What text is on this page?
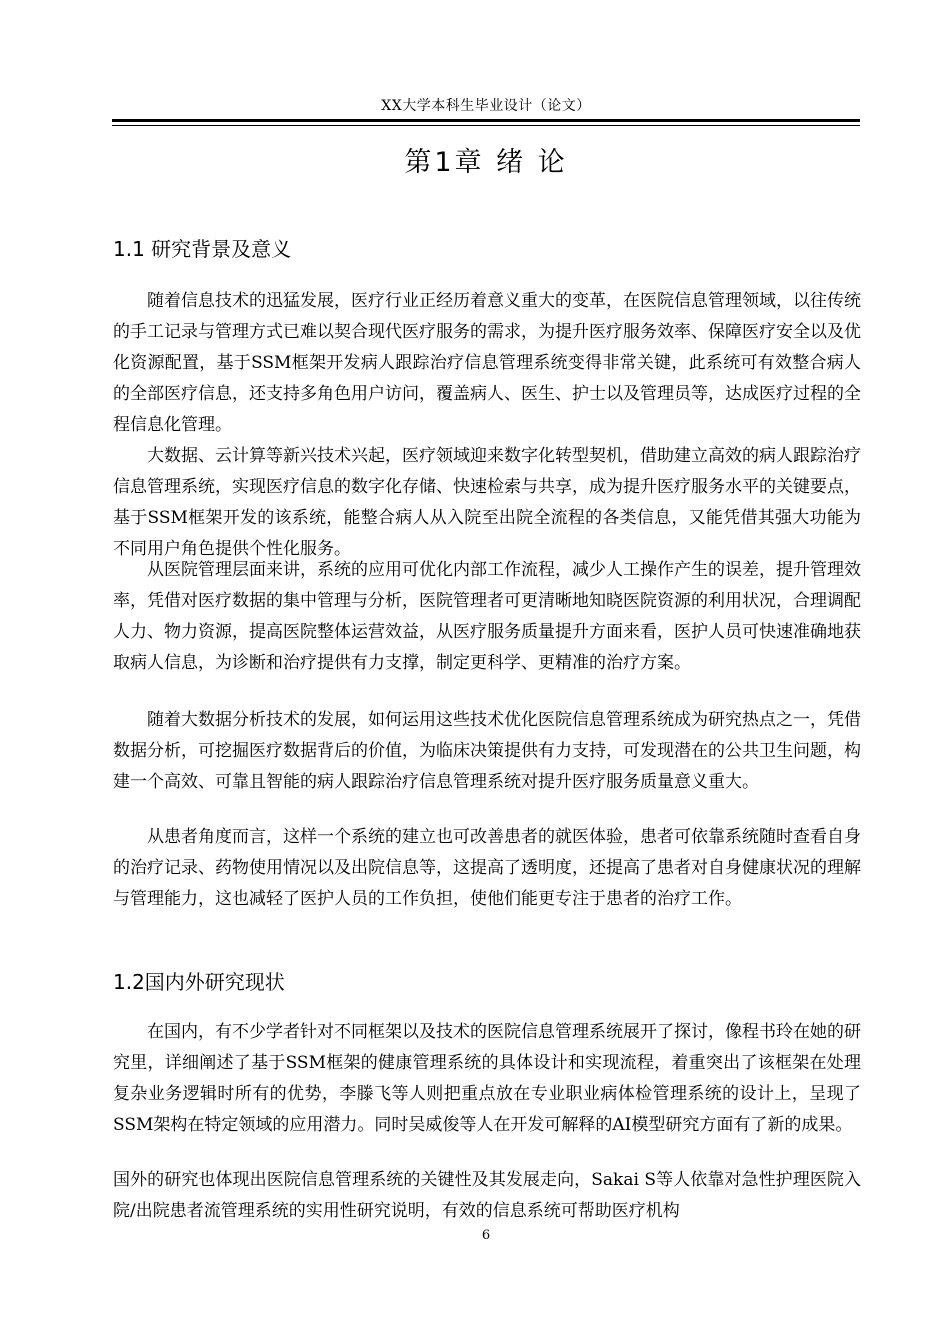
XX大学本科生毕业设计（论文）
第1章 绪 论
1.1 研究背景及意义

随着信息技术的迅猛发展，医疗行业正经历着意义重大的变革，在医院信息管理领域，以往传统的手工记录与管理方式已难以契合现代医疗服务的需求，为提升医疗服务效率、保障医疗安全以及优化资源配置，基于SSM框架开发病人跟踪治疗信息管理系统变得非常关键，此系统可有效整合病人的全部医疗信息，还支持多角色用户访问，覆盖病人、医生、护士以及管理员等，达成医疗过程的全程信息化管理。

大数据、云计算等新兴技术兴起，医疗领域迎来数字化转型契机，借助建立高效的病人跟踪治疗信息管理系统，实现医疗信息的数字化存储、快速检索与共享，成为提升医疗服务水平的关键要点，基于SSM框架开发的该系统，能整合病人从入院至出院全流程的各类信息，又能凭借其强大功能为不同用户角色提供个性化服务。

从医院管理层面来讲，系统的应用可优化内部工作流程，减少人工操作产生的误差，提升管理效率，凭借对医疗数据的集中管理与分析，医院管理者可更清晰地知晓医院资源的利用状况，合理调配人力、物力资源，提高医院整体运营效益，从医疗服务质量提升方面来看，医护人员可快速准确地获取病人信息，为诊断和治疗提供有力支撑，制定更科学、更精准的治疗方案。

随着大数据分析技术的发展，如何运用这些技术优化医院信息管理系统成为研究热点之一，凭借数据分析，可挖掘医疗数据背后的价值，为临床决策提供有力支持，可发现潜在的公共卫生问题，构建一个高效、可靠且智能的病人跟踪治疗信息管理系统对提升医疗服务质量意义重大。

从患者角度而言，这样一个系统的建立也可改善患者的就医体验，患者可依靠系统随时查看自身的治疗记录、药物使用情况以及出院信息等，这提高了透明度，还提高了患者对自身健康状况的理解与管理能力，这也减轻了医护人员的工作负担，使他们能更专注于患者的治疗工作。

1.2国内外研究现状

在国内，有不少学者针对不同框架以及技术的医院信息管理系统展开了探讨，像程书玲在她的研究里，详细阐述了基于SSM框架的健康管理系统的具体设计和实现流程，着重突出了该框架在处理复杂业务逻辑时所有的优势，李滕飞等人则把重点放在专业职业病体检管理系统的设计上，呈现了SSM架构在特定领域的应用潜力。同时吴威俊等人在开发可解释的AI模型研究方面有了新的成果。

国外的研究也体现出医院信息管理系统的关键性及其发展走向，Sakai S等人依靠对急性护理医院入院/出院患者流管理系统的实用性研究说明，有效的信息系统可帮助医疗机构

6
